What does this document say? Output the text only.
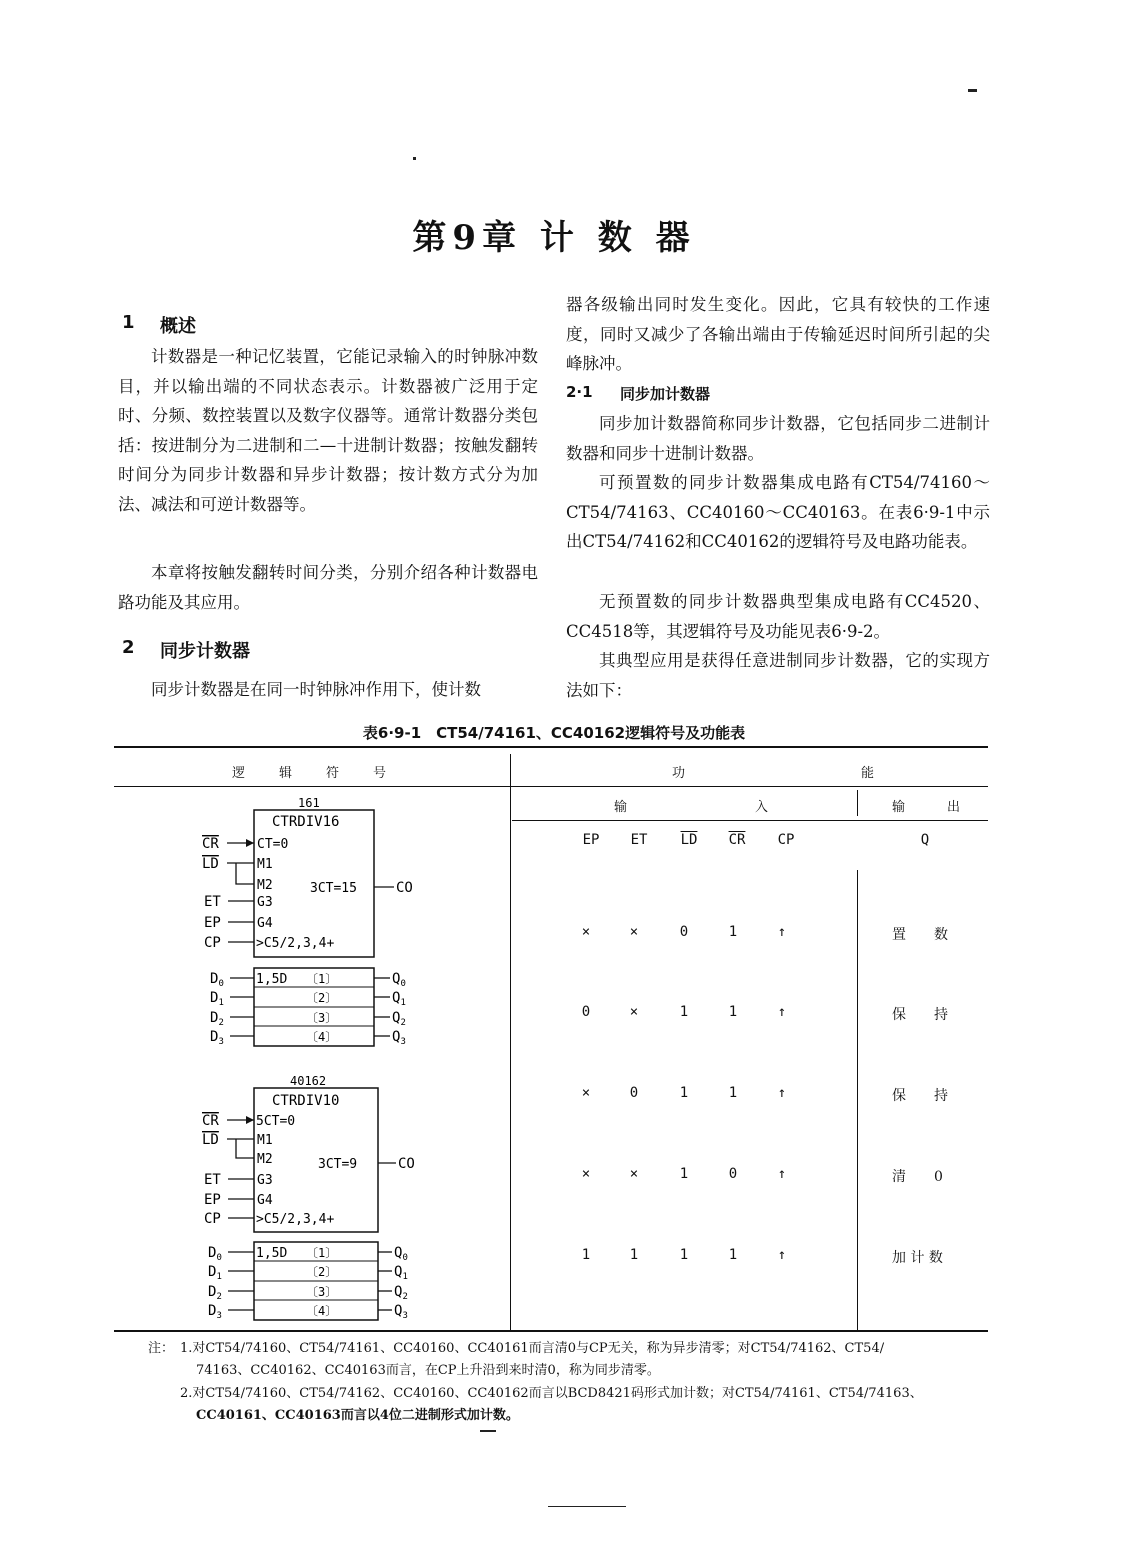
第9章 计 数 器
1 概述
计数器是一种记忆装置，它能记录输入的时钟脉冲数目，并以输出端的不同状态表示。计数器被广泛用于定时、分频、数控装置以及数字仪器等。通常计数器分类包括：按进制分为二进制和二—十进制计数器；按触发翻转时间分为同步计数器和异步计数器；按计数方式分为加法、减法和可逆计数器等。
本章将按触发翻转时间分类，分别介绍各种计数器电路功能及其应用。
2 同步计数器
同步计数器是在同一时钟脉冲作用下，使计数
器各级输出同时发生变化。因此，它具有较快的工作速度，同时又减少了各输出端由于传输延迟时间所引起的尖峰脉冲。
2·1 同步加计数器
同步加计数器简称同步计数器，它包括同步二进制计数器和同步十进制计数器。
可预置数的同步计数器集成电路有CT54/74160～CT54/74163、CC40160～CC40163。在表6·9-1中示出CT54/74162和CC40162的逻辑符号及电路功能表。
无预置数的同步计数器典型集成电路有CC4520、CC4518等，其逻辑符号及功能见表6·9-2。
其典型应用是获得任意进制同步计数器，它的实现方法如下：
表6·9-1　CT54/74161、CC40162逻辑符号及功能表
逻辑符号	功能
输入
输出
EP	ET	$\overline{LD}$	$\overline{CR}$	CP	Q
×	×	0	1	↑	置　　数
0	×	1	1	↑	保　　持
×	0	1	1	↑	保　　持
×	×	1	0	↑	清　　0
1	1	1	1	↑	加 计 数
161
CTRDIV16
CR	CT=0
LD	M1
M2	3CT=15	CO
ET	G3
EP	G4
CP	>C5/2,3,4+
1,5D 〔1〕
〔2〕
〔3〕
〔4〕
$D_0$
$D_1$
$D_2$
$D_3$
$Q_0$
$Q_1$
$Q_2$
$Q_3$
40162
CTRDIV10
CR	5CT=0
LD	M1
M2	3CT=9	CO
ET	G3
EP	G4
CP	>C5/2,3,4+
1,5D 〔1〕
〔2〕
〔3〕
〔4〕
$D_0$
$D_1$
$D_2$
$D_3$
$Q_0$
$Q_1$
$Q_2$
$Q_3$
注： 1.对CT54/74160、CT54/74161、CC40160、CC40161而言清0与CP无关，称为异步清零；对CT54/74162、CT54/
74163、CC40162、CC40163而言，在CP上升沿到来时清0，称为同步清零。
2.对CT54/74160、CT54/74162、CC40160、CC40162而言以BCD8421码形式加计数；对CT54/74161、CT54/74163、
CC40161、CC40163而言以4位二进制形式加计数。
